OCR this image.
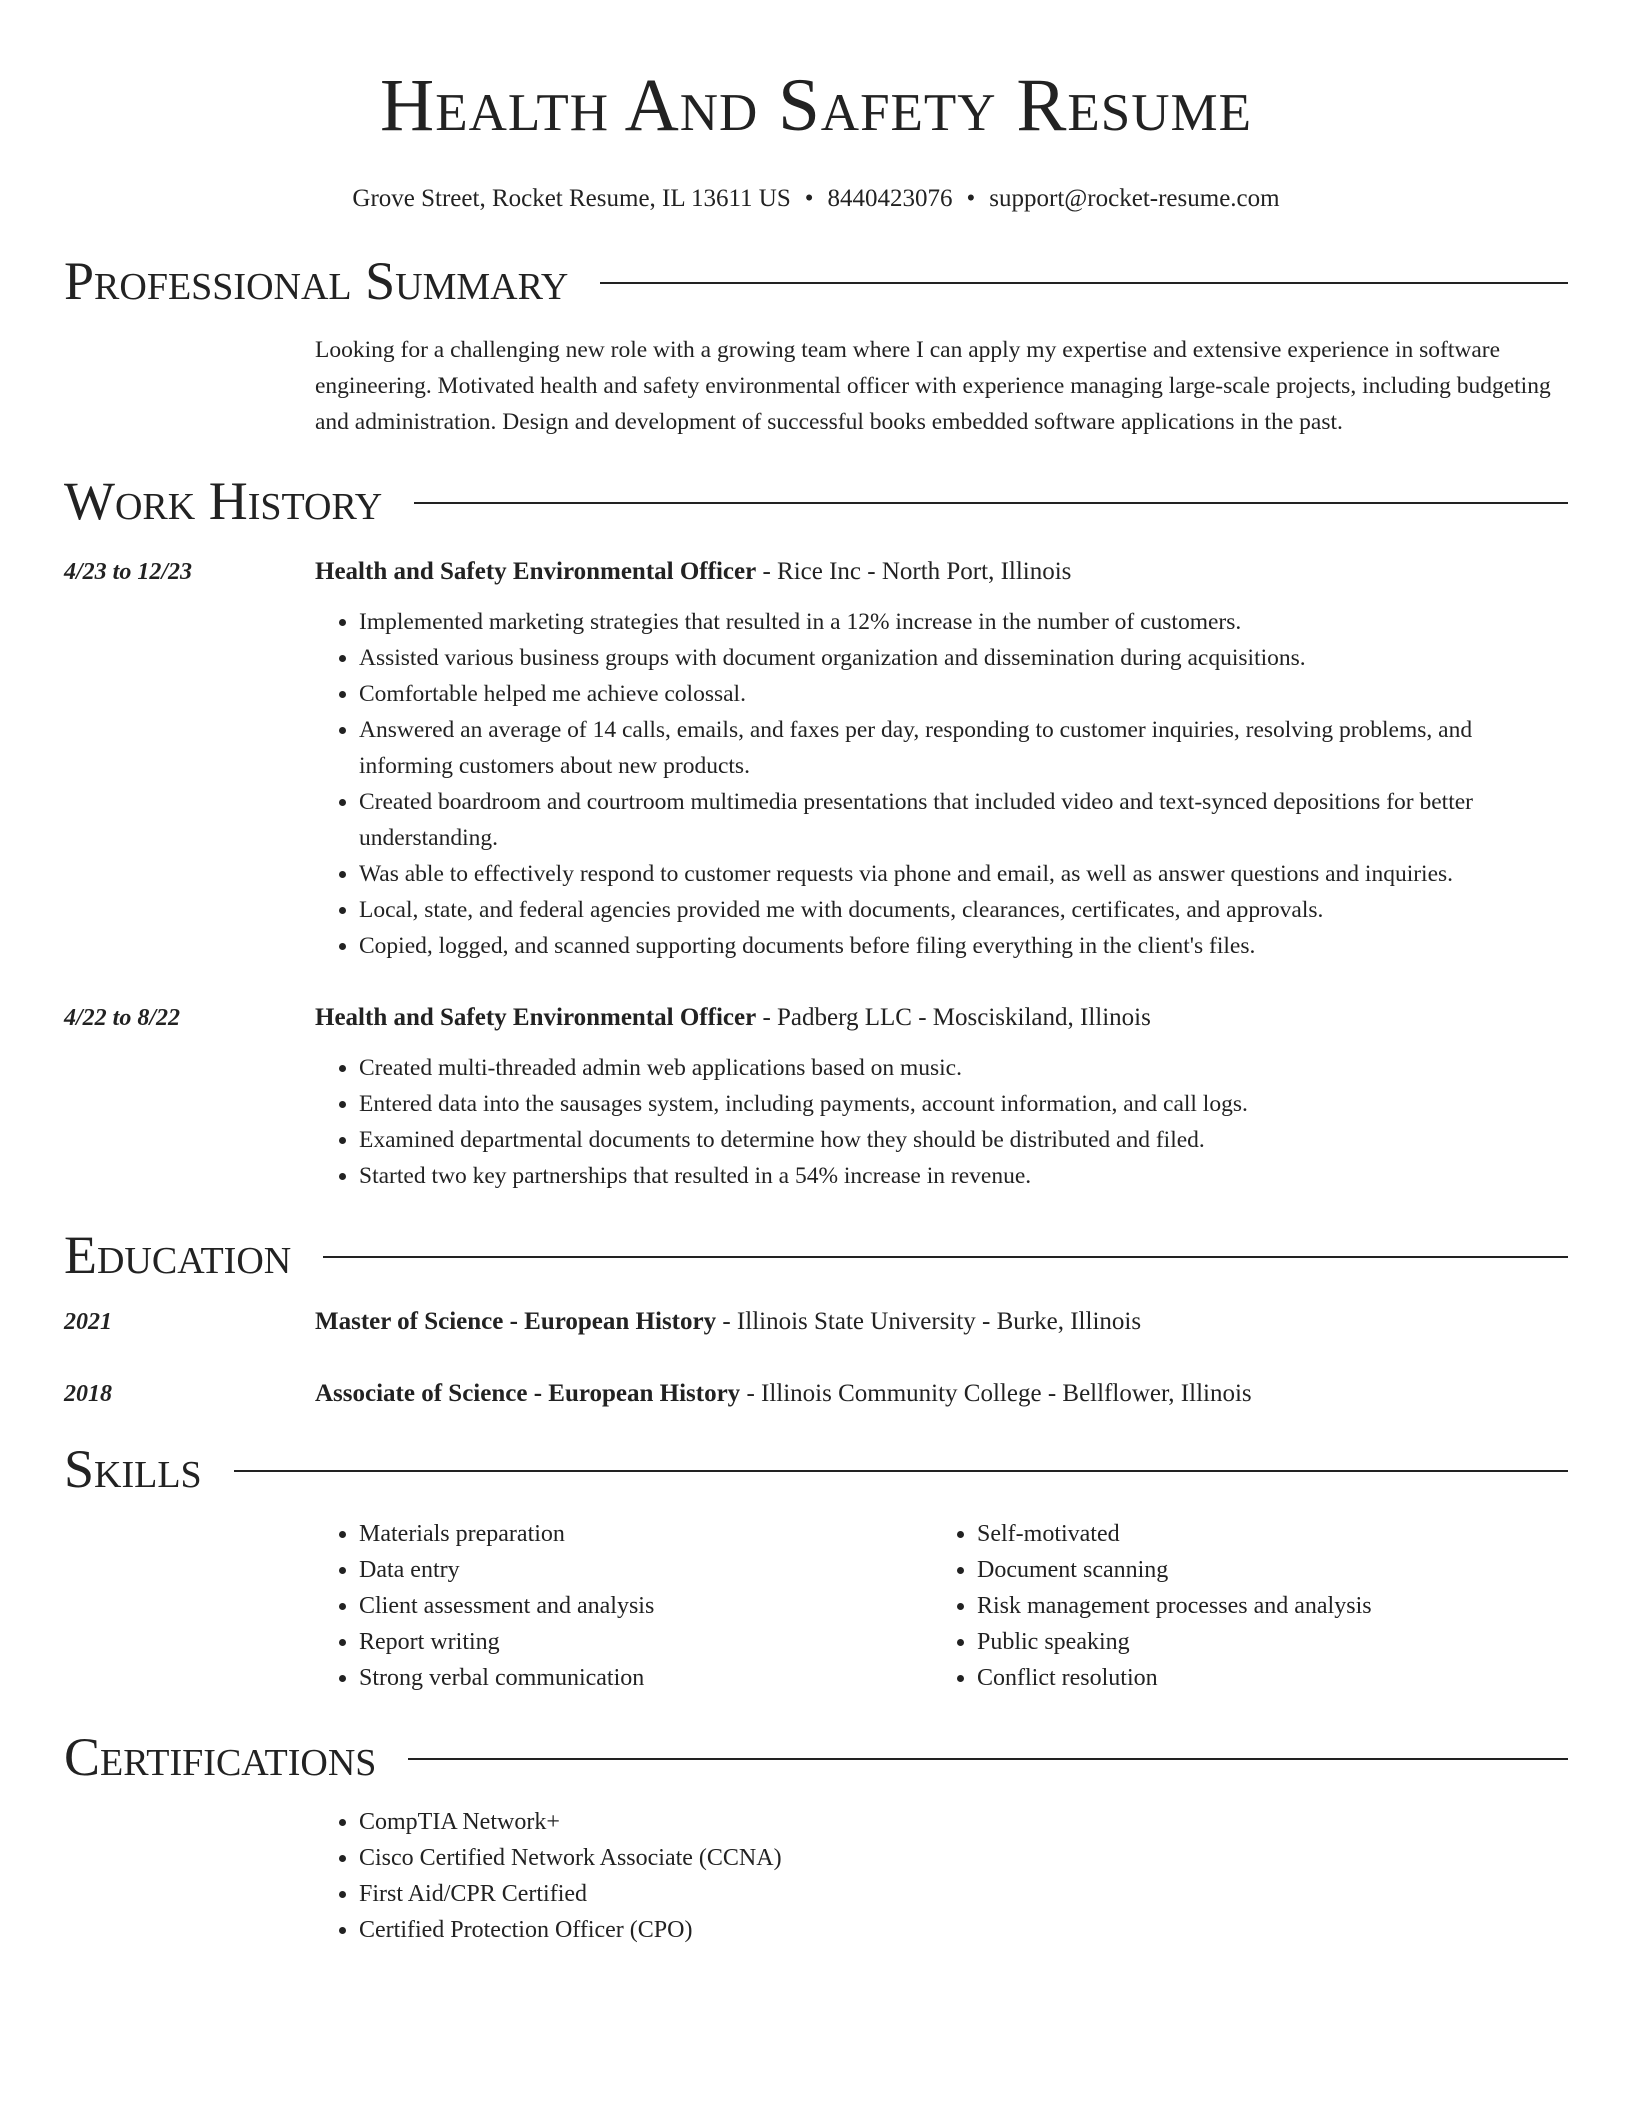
Health And Safety Resume
Grove Street, Rocket Resume, IL 13611 US • 8440423076 • support@rocket-resume.com
Professional Summary
Looking for a challenging new role with a growing team where I can apply my expertise and extensive experience in software engineering. Motivated health and safety environmental officer with experience managing large-scale projects, including budgeting and administration. Design and development of successful books embedded software applications in the past.
Work History
4/23 to 12/23	Health and Safety Environmental Officer - Rice Inc - North Port, Illinois
• Implemented marketing strategies that resulted in a 12% increase in the number of customers.
• Assisted various business groups with document organization and dissemination during acquisitions.
• Comfortable helped me achieve colossal.
• Answered an average of 14 calls, emails, and faxes per day, responding to customer inquiries, resolving problems, and informing customers about new products.
• Created boardroom and courtroom multimedia presentations that included video and text-synced depositions for better understanding.
• Was able to effectively respond to customer requests via phone and email, as well as answer questions and inquiries.
• Local, state, and federal agencies provided me with documents, clearances, certificates, and approvals.
• Copied, logged, and scanned supporting documents before filing everything in the client's files.
4/22 to 8/22	Health and Safety Environmental Officer - Padberg LLC - Mosciskiland, Illinois
• Created multi-threaded admin web applications based on music.
• Entered data into the sausages system, including payments, account information, and call logs.
• Examined departmental documents to determine how they should be distributed and filed.
• Started two key partnerships that resulted in a 54% increase in revenue.
Education
2021	Master of Science - European History - Illinois State University - Burke, Illinois
2018	Associate of Science - European History - Illinois Community College - Bellflower, Illinois
Skills
• Materials preparation
• Data entry
• Client assessment and analysis
• Report writing
• Strong verbal communication
• Self-motivated
• Document scanning
• Risk management processes and analysis
• Public speaking
• Conflict resolution
Certifications
• CompTIA Network+
• Cisco Certified Network Associate (CCNA)
• First Aid/CPR Certified
• Certified Protection Officer (CPO)
